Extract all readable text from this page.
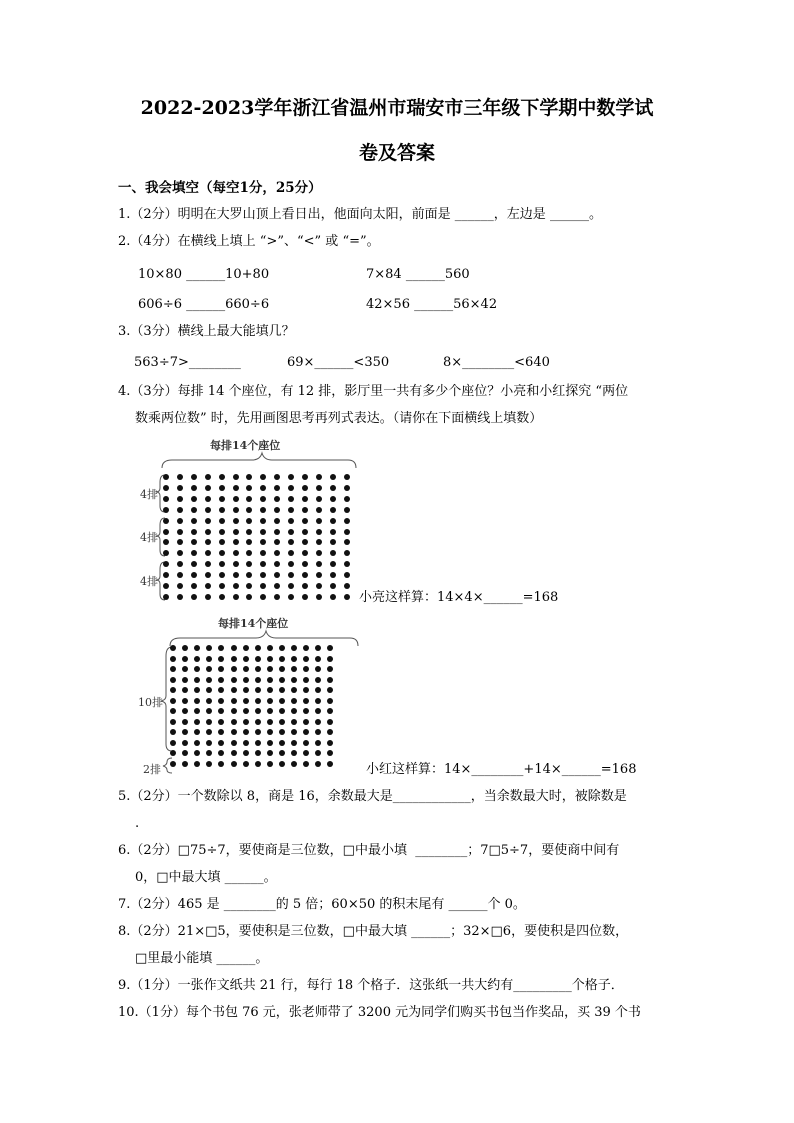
2022-2023学年浙江省温州市瑞安市三年级下学期中数学试
卷及答案
一、我会填空（每空1分，25分）
1.（2分）明明在大罗山顶上看日出，他面向太阳，前面是 ______，左边是 ______。
2.（4分）在横线上填上 “>”、“<” 或 “=”。
10×80 ______10+80	7×84 ______560
606÷6 ______660÷6	42×56 ______56×42
3.（3分）横线上最大能填几？
563÷7>________	69×______<350	8×________<640
4.（3分）每排 14 个座位，有 12 排，影厅里一共有多少个座位？小亮和小红探究 “两位
数乘两位数” 时，先用画图思考再列式表达。（请你在下面横线上填数）
每排14个座位
4排
4排
4排
小亮这样算：14×4×______=168
每排14个座位
10排
2排	小红这样算：14×________+14×______=168
5.（2分）一个数除以 8，商是 16，余数最大是____________，当余数最大时，被除数是
.
6.（2分）□75÷7，要使商是三位数，□中最小填  ________；7□5÷7，要使商中间有
0，□中最大填 ______。
7.（2分）465 是 ________的 5 倍；60×50 的积末尾有 ______个 0。
8.（2分）21×□5，要使积是三位数，□中最大填 ______；32×□6，要使积是四位数，
□里最小能填 ______。
9.（1分）一张作文纸共 21 行，每行 18 个格子．这张纸一共大约有_________个格子．
10.（1分）每个书包 76 元，张老师带了 3200 元为同学们购买书包当作奖品，买 39 个书
